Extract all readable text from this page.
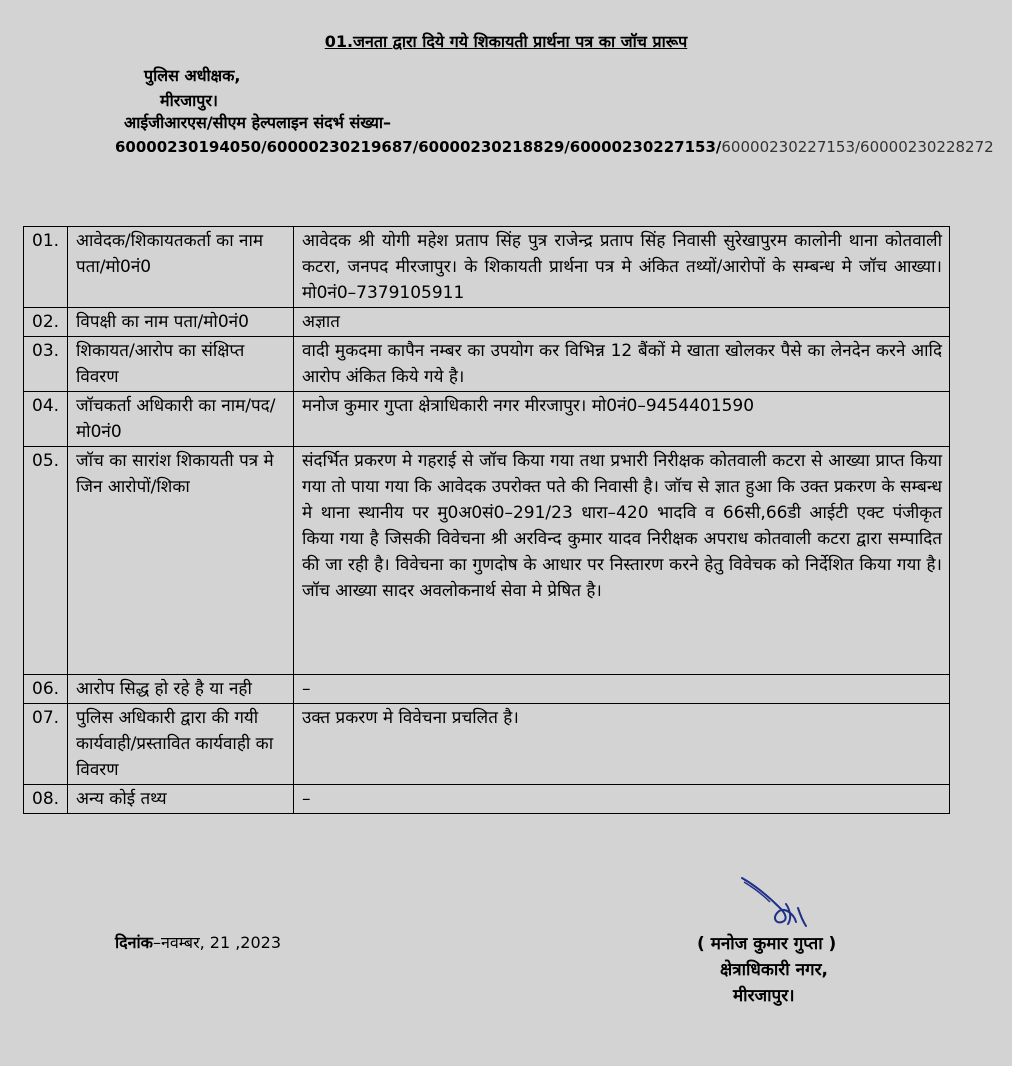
01.जनता द्वारा दिये गये शिकायती प्रार्थना पत्र का जॉच प्रारूप
पुलिस अधीक्षक,
मीरजापुर।
आईजीआरएस/सीएम हेल्पलाइन संदर्भ संख्या–
60000230194050/60000230219687/60000230218829/60000230227153/60000230227153/60000230228272
01.	आवेदक/शिकायतकर्ता का नाम पता/मो0नं0	आवेदक श्री योगी महेश प्रताप सिंह पुत्र राजेन्द्र प्रताप सिंह निवासी सुरेखापुरम कालोनी थाना कोतवाली कटरा, जनपद मीरजापुर। के शिकायती प्रार्थना पत्र मे अंकित तथ्यों/आरोपों के सम्बन्ध मे जॉच आख्या। मो0नं0–7379105911
02.	विपक्षी का नाम पता/मो0नं0	अज्ञात
03.	शिकायत/आरोप का संक्षिप्त विवरण	वादी मुकदमा कापैन नम्बर का उपयोग कर विभिन्न 12 बैंकों मे खाता खोलकर पैसे का लेनदेन करने आदि आरोप अंकित किये गये है।
04.	जॉचकर्ता अधिकारी का नाम/पद/मो0नं0	मनोज कुमार गुप्ता क्षेत्राधिकारी नगर मीरजापुर। मो0नं0–9454401590
05.	जॉच का सारांश शिकायती पत्र मे जिन आरोपों/शिका	संदर्भित प्रकरण मे गहराई से जॉच किया गया तथा प्रभारी निरीक्षक कोतवाली कटरा से आख्या प्राप्त किया गया तो पाया गया कि आवेदक उपरोक्त पते की निवासी है। जॉच से ज्ञात हुआ कि उक्त प्रकरण के सम्बन्ध मे थाना स्थानीय पर मु0अ0सं0–291/23 धारा–420 भादवि व 66सी,66डी आईटी एक्ट पंजीकृत किया गया है जिसकी विवेचना श्री अरविन्द कुमार यादव निरीक्षक अपराध कोतवाली कटरा द्वारा सम्पादित की जा रही है। विवेचना का गुणदोष के आधार पर निस्तारण करने हेतु विवेचक को निर्देशित किया गया है। जॉच आख्या सादर अवलोकनार्थ सेवा मे प्रेषित है।
06.	आरोप सिद्ध हो रहे है या नही	–
07.	पुलिस अधिकारी द्वारा की गयी कार्यवाही/प्रस्तावित कार्यवाही का विवरण	उक्त प्रकरण मे विवेचना प्रचलित है।
08.	अन्य कोई तथ्य	–
दिनांक–नवम्बर, 21 ,2023	( मनोज कुमार गुप्ता )
क्षेत्राधिकारी नगर,
मीरजापुर।
